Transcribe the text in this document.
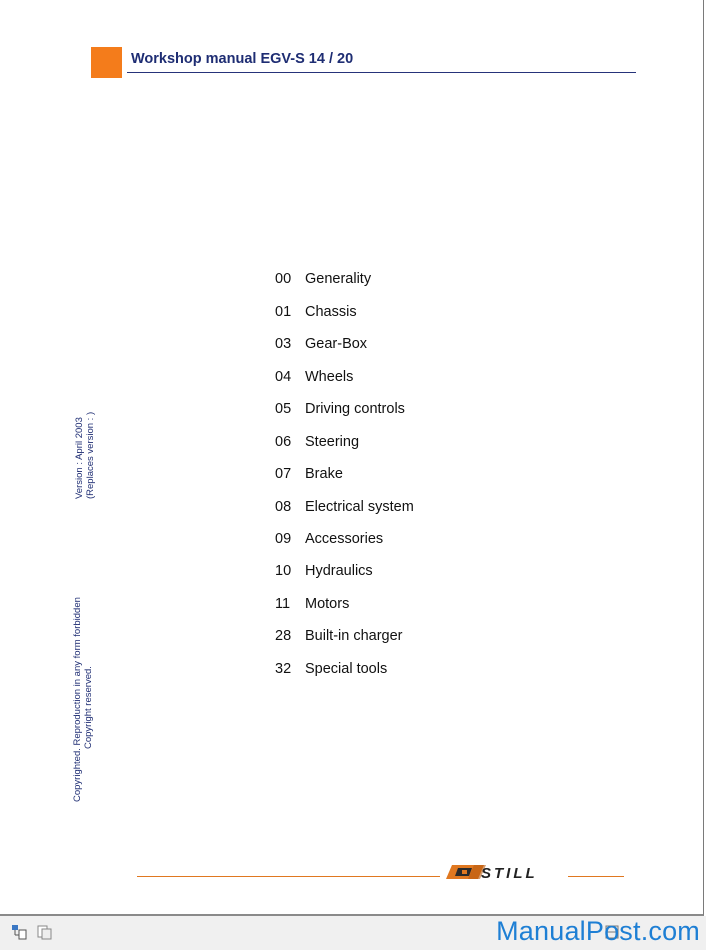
Workshop manual EGV-S 14 / 20
00 Generality
01 Chassis
03 Gear-Box
04 Wheels
05 Driving controls
06 Steering
07 Brake
08 Electrical system
09 Accessories
10 Hydraulics
11	Motors
28 Built-in charger
32 Special tools
Version : April 2003 (Replaces version : )
Copyrighted. Reproduction in any form forbidden Copyright reserved.
STILL
ManualPost.com
